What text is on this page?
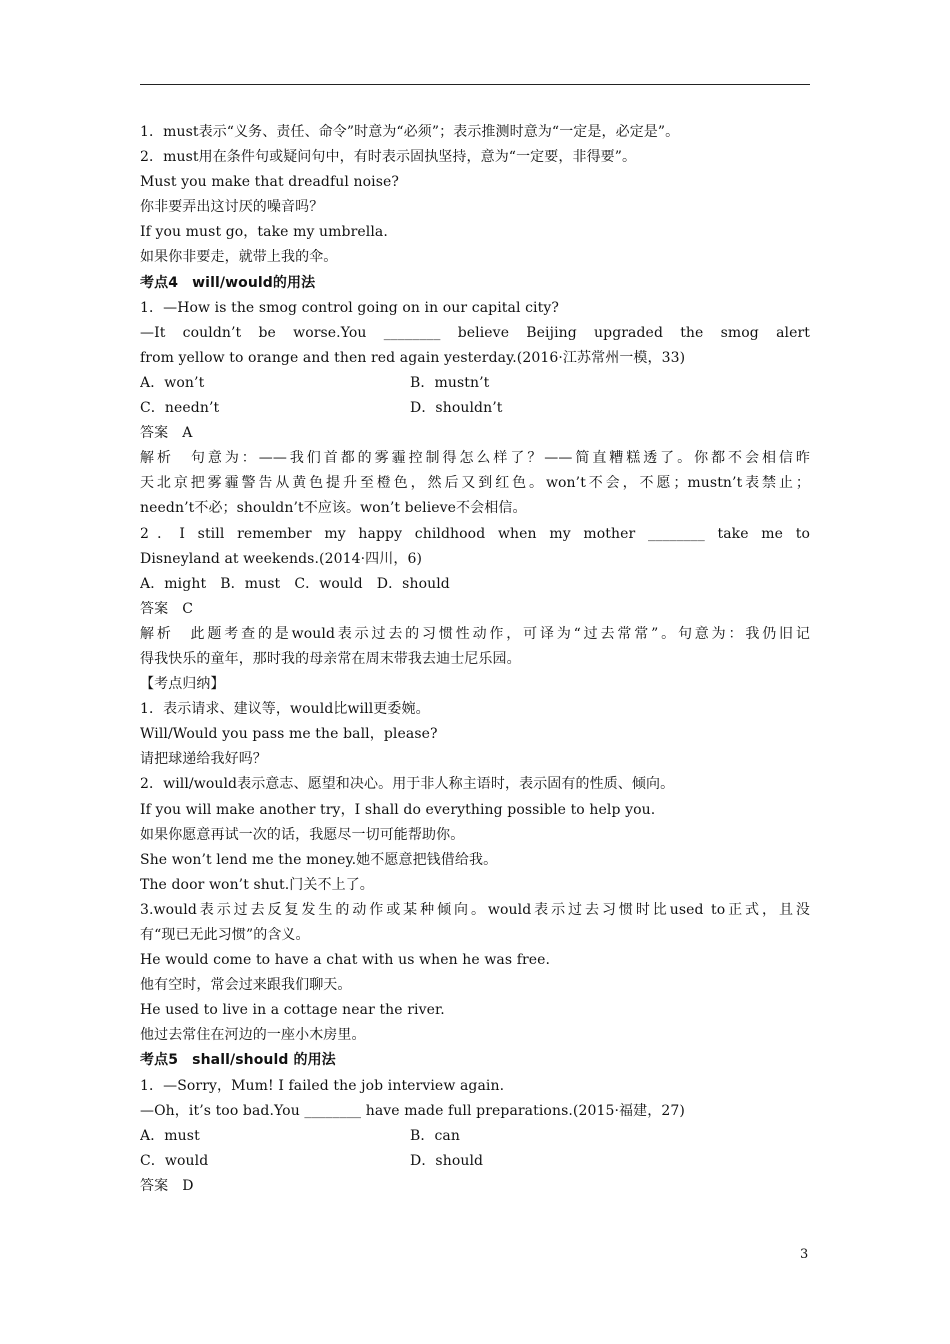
1．must表示“义务、责任、命令”时意为“必须”；表示推测时意为“一定是，必定是”。
2．must用在条件句或疑问句中，有时表示固执坚持，意为“一定要，非得要”。
Must you make that dreadful noise?
你非要弄出这讨厌的噪音吗？
If you must go，take my umbrella.
如果你非要走，就带上我的伞。
考点4　will/would的用法
1．—How is the smog control going on in our capital city?
—It couldn’t be worse.You ________ believe Beijing upgraded the smog alert
from yellow to orange and then red again yesterday.(2016·江苏常州一模，33)
A．won’t	B．mustn’t
C．needn’t	D．shouldn’t
答案　A
解析　句意为：——我们首都的雾霾控制得怎么样了？——简直糟糕透了。你都不会相信昨
天北京把雾霾警告从黄色提升至橙色，然后又到红色。won’t不会，不愿；mustn’t表禁止；
needn’t不必；shouldn’t不应该。won’t believe不会相信。
2．I still remember my happy childhood when my mother ________ take me to
Disneyland at weekends.(2014·四川，6)
A．might　B．must　C．would　D．should
答案　C
解析　此题考查的是would表示过去的习惯性动作，可译为“过去常常”。句意为：我仍旧记
得我快乐的童年，那时我的母亲常在周末带我去迪士尼乐园。
【考点归纳】
1．表示请求、建议等，would比will更委婉。
Will/Would you pass me the ball，please?
请把球递给我好吗？
2．will/would表示意志、愿望和决心。用于非人称主语时，表示固有的性质、倾向。
If you will make another try，I shall do everything possible to help you.
如果你愿意再试一次的话，我愿尽一切可能帮助你。
She won’t lend me the money.她不愿意把钱借给我。
The door won’t shut.门关不上了。
3.would表示过去反复发生的动作或某种倾向。would表示过去习惯时比used to正式，且没
有“现已无此习惯”的含义。
He would come to have a chat with us when he was free.
他有空时，常会过来跟我们聊天。
He used to live in a cottage near the river.
他过去常住在河边的一座小木房里。
考点5　shall/should 的用法
1．—Sorry，Mum! I failed the job interview again.
—Oh，it’s too bad.You ________ have made full preparations.(2015·福建，27)
A．must	B．can
C．would	D．should
答案　D
3
